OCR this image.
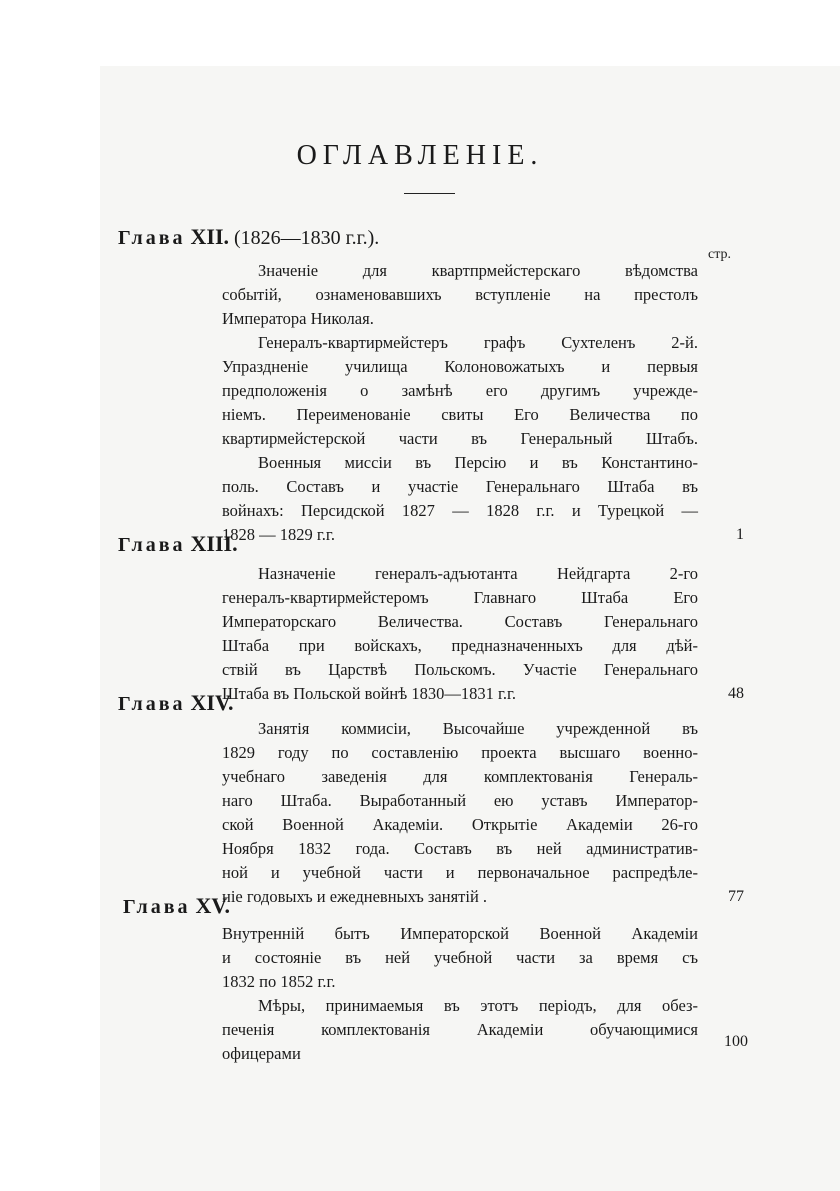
ОГЛАВЛЕНІЕ.
Глава XII. (1826—1830 г.г.).
стр.
Значеніе для квартпрмейстерскаго вѣдомства
событій, ознаменовавшихъ вступленіе на престолъ
Императора Николая.
Генералъ-квартирмейстеръ графъ Сухтеленъ 2-й.
Упраздненіе училища Колоновожатыхъ и первыя
предположенія о замѣнѣ его другимъ учрежде-
ніемъ. Переименованіе свиты Его Величества по
квартирмейстерской части въ Генеральный Штабъ.
Военныя миссіи въ Персію и въ Константино-
поль. Составъ и участіе Генеральнаго Штаба въ
войнахъ: Персидской 1827 — 1828 г.г. и Турецкой —
1828 — 1829 г.г.	1
Глава XIII.
Назначеніе генералъ-адъютанта Нейдгарта 2-го
генералъ-квартирмейстеромъ Главнаго Штаба Его
Императорскаго Величества. Составъ Генеральнаго
Штаба при войскахъ, предназначенныхъ для дѣй-
ствій въ Царствѣ Польскомъ. Участіе Генеральнаго
Штаба въ Польской войнѣ 1830—1831 г.г.	48
Глава XIV.
Занятія коммисіи, Высочайше учрежденной въ
1829 году по составленію проекта высшаго военно-
учебнаго заведенія для комплектованія Генераль-
наго Штаба. Выработанный ею уставъ Император-
ской Военной Академіи. Открытіе Академіи 26-го
Ноября 1832 года. Составъ въ ней административ-
ной и учебной части и первоначальное распредѣле-
ніе годовыхъ и ежедневныхъ занятій .	77
Глава XV.
Внутренній бытъ Императорской Военной Академіи
и состояніе въ ней учебной части за время съ
1832 по 1852 г.г.
Мѣры, принимаемыя въ этотъ періодъ, для обез-
печенія комплектованія Академіи обучающимися
офицерами
100
